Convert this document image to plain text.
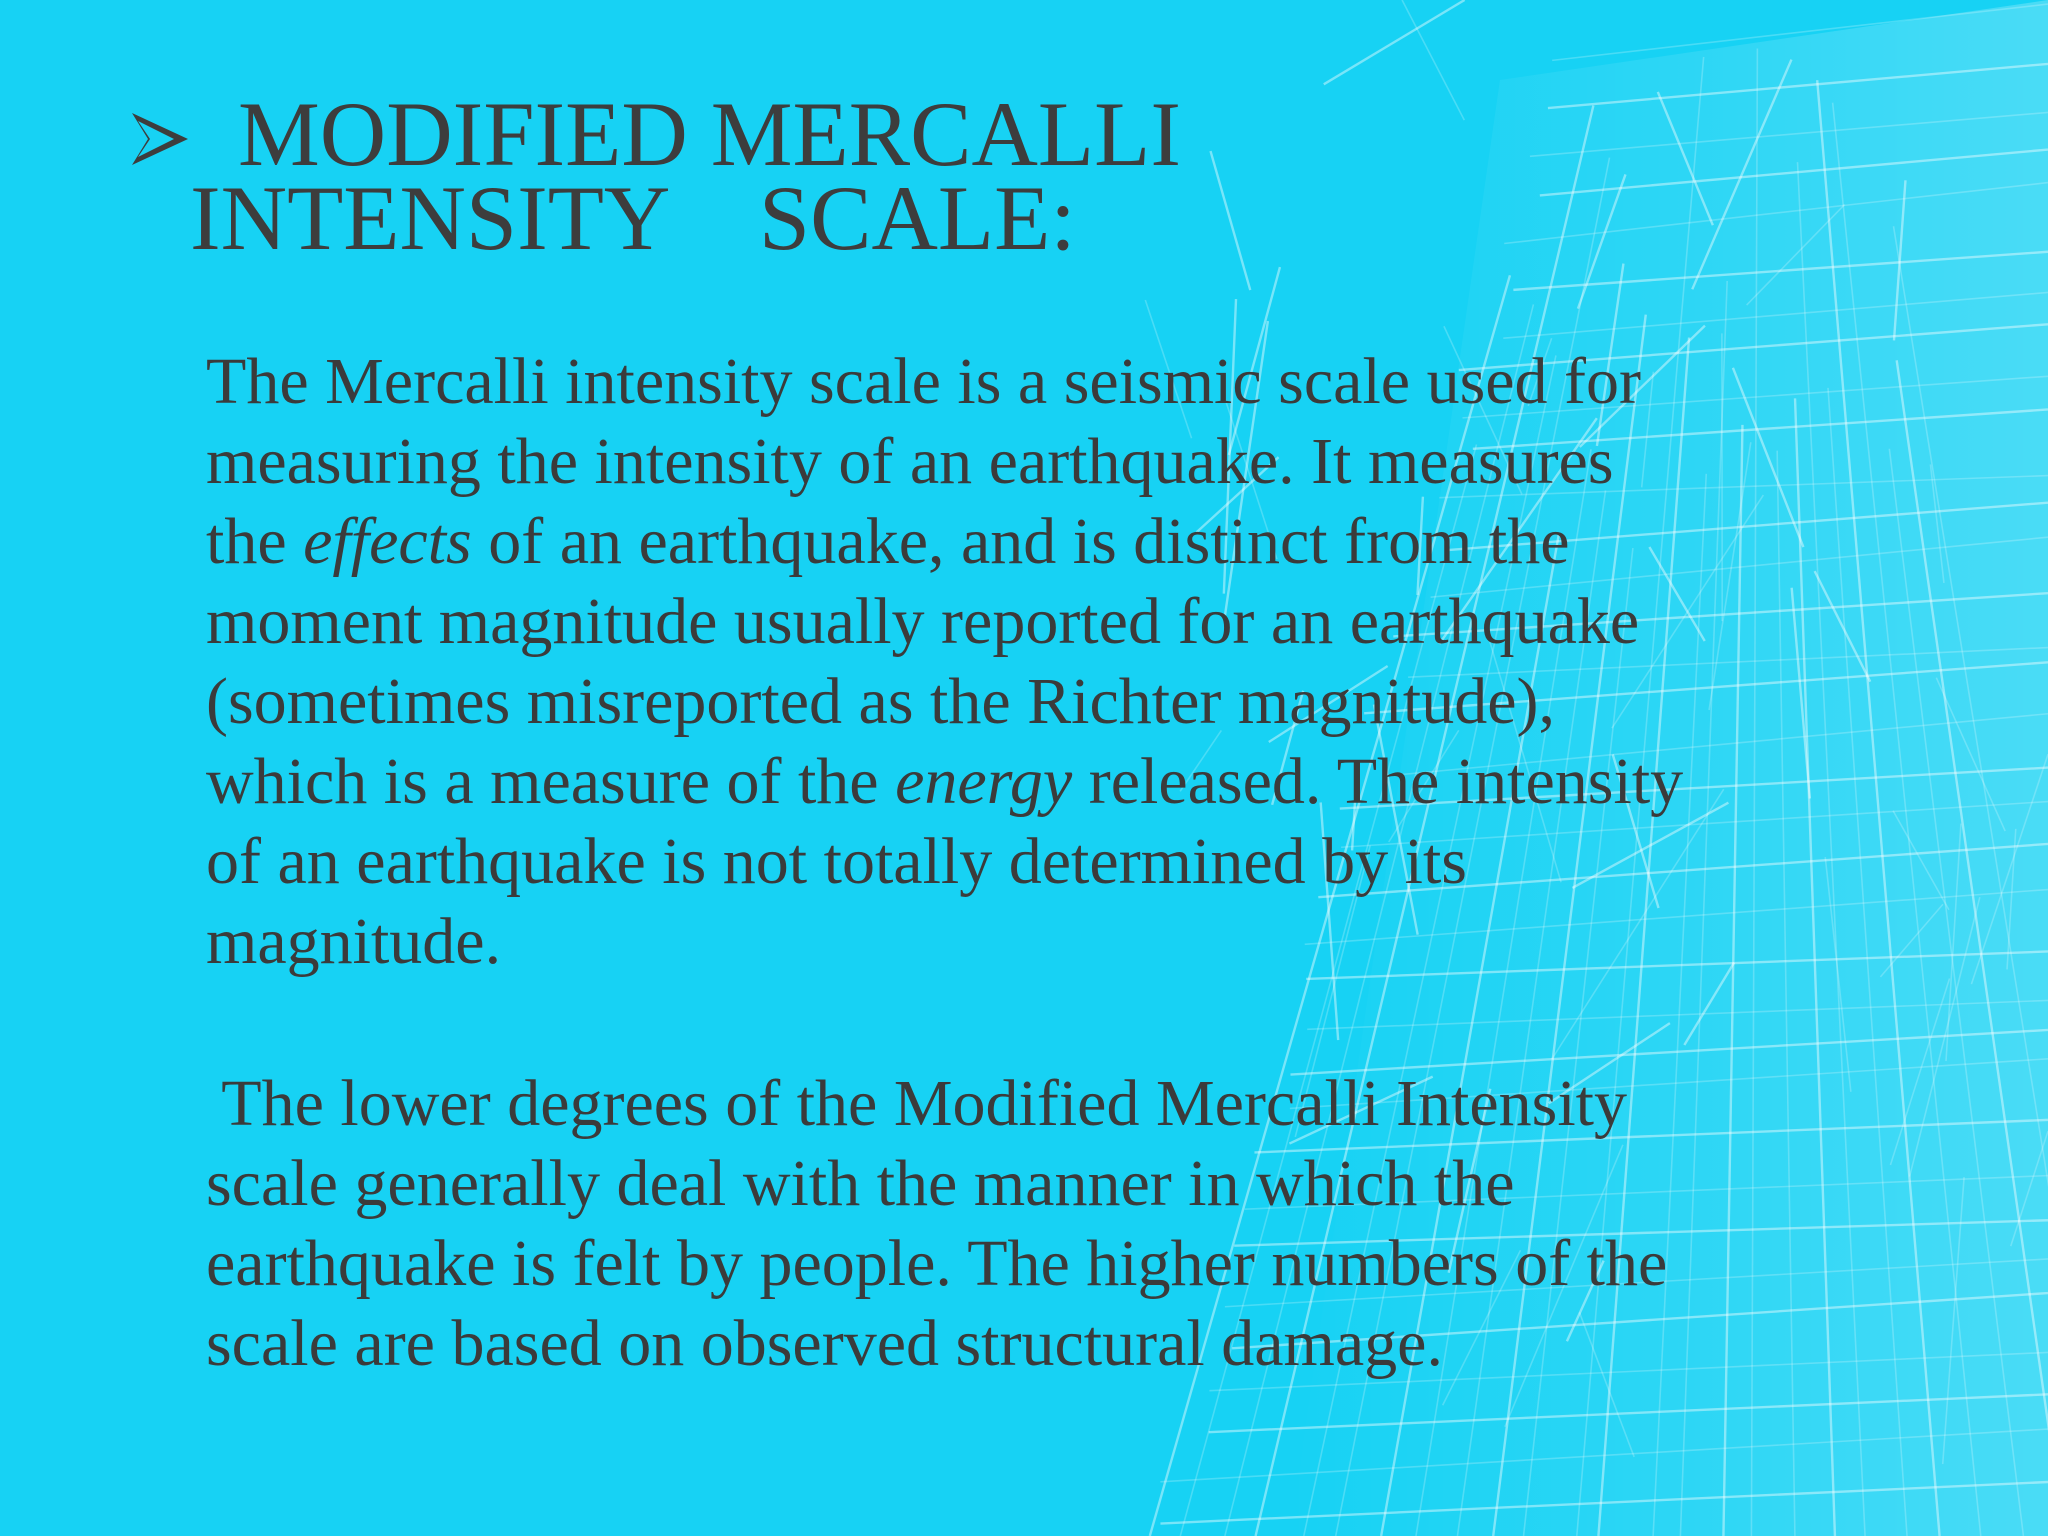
MODIFIED MERCALLI
INTENSITY    SCALE:

The Mercalli intensity scale is a seismic scale used for
measuring the intensity of an earthquake. It measures
the effects of an earthquake, and is distinct from the
moment magnitude usually reported for an earthquake
(sometimes misreported as the Richter magnitude),
which is a measure of the energy released. The intensity
of an earthquake is not totally determined by its
magnitude.

The lower degrees of the Modified Mercalli Intensity
scale generally deal with the manner in which the
earthquake is felt by people. The higher numbers of the
scale are based on observed structural damage.
